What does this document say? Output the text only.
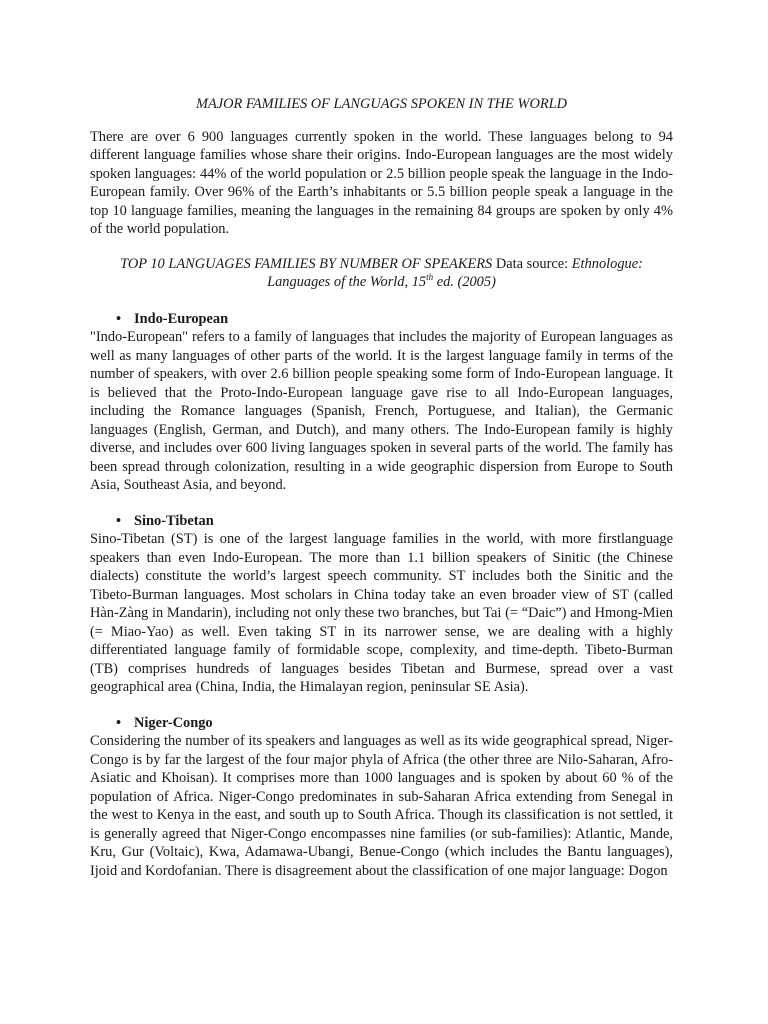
MAJOR FAMILIES OF LANGUAGS SPOKEN IN THE WORLD

There are over 6 900 languages currently spoken in the world. These languages belong to 94 different language families whose share their origins. Indo-European languages are the most widely spoken languages: 44% of the world population or 2.5 billion people speak the language in the Indo-European family. Over 96% of the Earth’s inhabitants or 5.5 billion people speak a language in the top 10 language families, meaning the languages in the remaining 84 groups are spoken by only 4% of the world population.

TOP 10 LANGUAGES FAMILIES BY NUMBER OF SPEAKERS Data source: Ethnologue: Languages of the World, 15th ed. (2005)

• Indo-European

"Indo-European" refers to a family of languages that includes the majority of European languages as well as many languages of other parts of the world. It is the largest language family in terms of the number of speakers, with over 2.6 billion people speaking some form of Indo-European language. It is believed that the Proto-Indo-European language gave rise to all Indo-European languages, including the Romance languages (Spanish, French, Portuguese, and Italian), the Germanic languages (English, German, and Dutch), and many others. The Indo-European family is highly diverse, and includes over 600 living languages spoken in several parts of the world. The family has been spread through colonization, resulting in a wide geographic dispersion from Europe to South Asia, Southeast Asia, and beyond.

• Sino-Tibetan

Sino-Tibetan (ST) is one of the largest language families in the world, with more firstlanguage speakers than even Indo-European. The more than 1.1 billion speakers of Sinitic (the Chinese dialects) constitute the world’s largest speech community. ST includes both the Sinitic and the Tibeto-Burman languages. Most scholars in China today take an even broader view of ST (called Hàn-Zàng in Mandarin), including not only these two branches, but Tai (= “Daic”) and Hmong-Mien (= Miao-Yao) as well. Even taking ST in its narrower sense, we are dealing with a highly differentiated language family of formidable scope, complexity, and time-depth. Tibeto-Burman (TB) comprises hundreds of languages besides Tibetan and Burmese, spread over a vast geographical area (China, India, the Himalayan region, peninsular SE Asia).

• Niger-Congo

Considering the number of its speakers and languages as well as its wide geographical spread, Niger-Congo is by far the largest of the four major phyla of Africa (the other three are Nilo-Saharan, Afro-Asiatic and Khoisan). It comprises more than 1000 languages and is spoken by about 60 % of the population of Africa. Niger-Congo predominates in sub-Saharan Africa extending from Senegal in the west to Kenya in the east, and south up to South Africa. Though its classification is not settled, it is generally agreed that Niger-Congo encompasses nine families (or sub-families): Atlantic, Mande, Kru, Gur (Voltaic), Kwa, Adamawa-Ubangi, Benue-Congo (which includes the Bantu languages), Ijoid and Kordofanian. There is disagreement about the classification of one major language: Dogon
